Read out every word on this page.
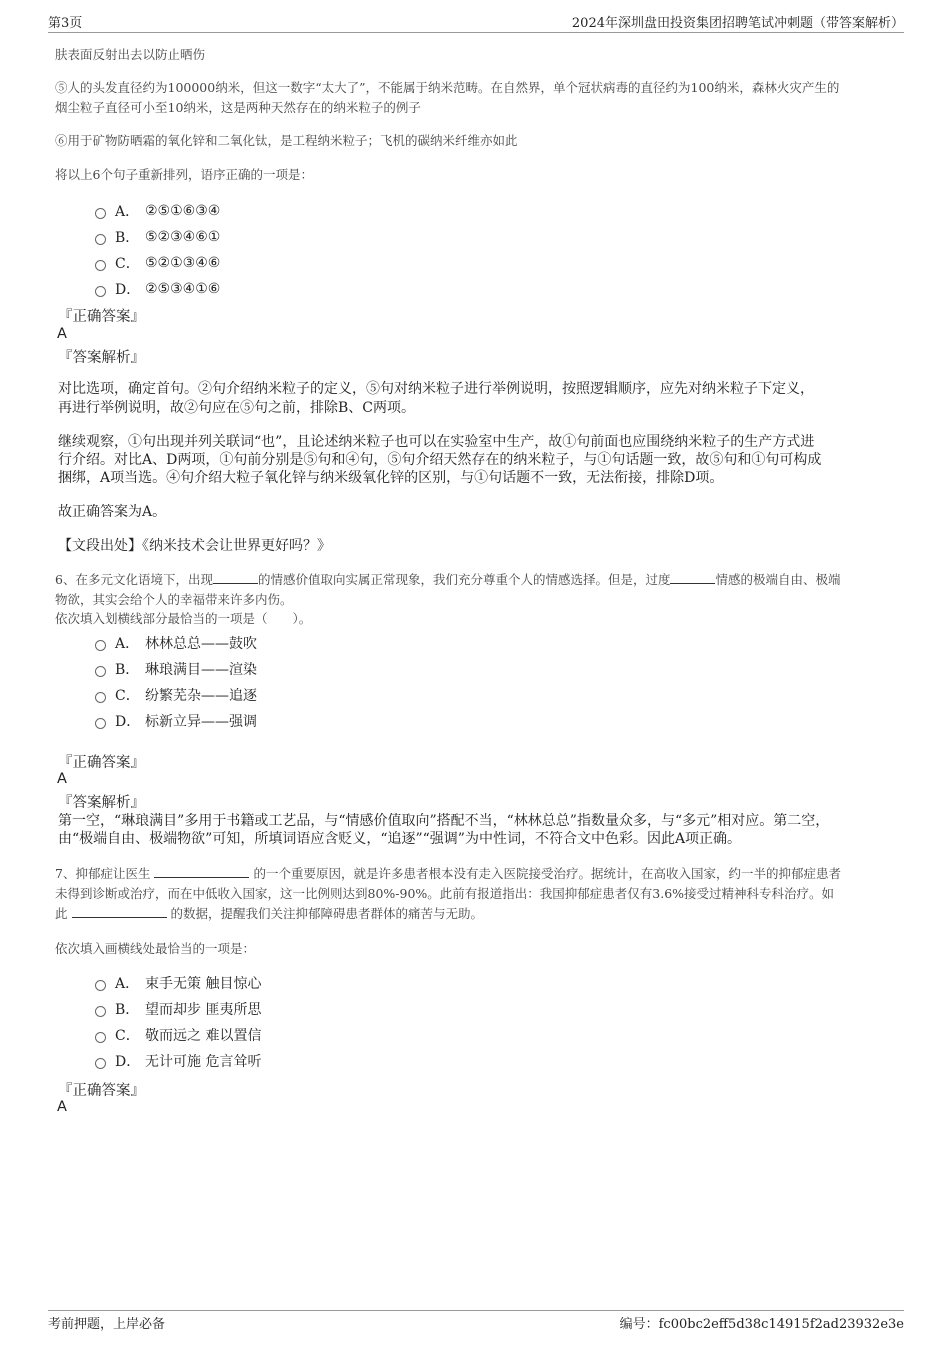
第3页	2024年深圳盘田投资集团招聘笔试冲刺题（带答案解析）
肤表面反射出去以防止晒伤
⑤人的头发直径约为100000纳米，但这一数字“太大了”，不能属于纳米范畴。在自然界，单个冠状病毒的直径约为100纳米，森林火灾产生的
烟尘粒子直径可小至10纳米，这是两种天然存在的纳米粒子的例子
⑥用于矿物防晒霜的氧化锌和二氧化钛，是工程纳米粒子；飞机的碳纳米纤维亦如此
将以上6个句子重新排列，语序正确的一项是：
A． ②⑤①⑥③④
B． ⑤②③④⑥①
C． ⑤②①③④⑥
D． ②⑤③④①⑥
『正确答案』
A
『答案解析』
对比选项，确定首句。②句介绍纳米粒子的定义，⑤句对纳米粒子进行举例说明，按照逻辑顺序，应先对纳米粒子下定义，
再进行举例说明，故②句应在⑤句之前，排除B、C两项。
继续观察，①句出现并列关联词“也”，且论述纳米粒子也可以在实验室中生产，故①句前面也应围绕纳米粒子的生产方式进
行介绍。对比A、D两项，①句前分别是⑤句和④句，⑤句介绍天然存在的纳米粒子，与①句话题一致，故⑤句和①句可构成
捆绑，A项当选。④句介绍大粒子氧化锌与纳米级氧化锌的区别，与①句话题不一致，无法衔接，排除D项。
故正确答案为A。
【文段出处】《纳米技术会让世界更好吗？》
6、在多元文化语境下，出现	的情感价值取向实属正常现象，我们充分尊重个人的情感选择。但是，过度	情感的极端自由、极端
物欲，其实会给个人的幸福带来许多内伤。
依次填入划横线部分最恰当的一项是（　　）。
A． 林林总总——鼓吹
B． 琳琅满目——渲染
C． 纷繁芜杂——追逐
D． 标新立异——强调
『正确答案』
A
『答案解析』
第一空，“琳琅满目”多用于书籍或工艺品，与“情感价值取向”搭配不当，“林林总总”指数量众多，与“多元”相对应。第二空，
由“极端自由、极端物欲”可知，所填词语应含贬义，“追逐”“强调”为中性词，不符合文中色彩。因此A项正确。
7、抑郁症让医生	的一个重要原因，就是许多患者根本没有走入医院接受治疗。据统计，在高收入国家，约一半的抑郁症患者
未得到诊断或治疗，而在中低收入国家，这一比例则达到80%-90%。此前有报道指出：我国抑郁症患者仅有3.6%接受过精神科专科治疗。如
此	的数据，提醒我们关注抑郁障碍患者群体的痛苦与无助。
依次填入画横线处最恰当的一项是：
A． 束手无策 触目惊心
B． 望而却步 匪夷所思
C． 敬而远之 难以置信
D． 无计可施 危言耸听
『正确答案』
A
考前押题，上岸必备	编号：fc00bc2eff5d38c14915f2ad23932e3e
